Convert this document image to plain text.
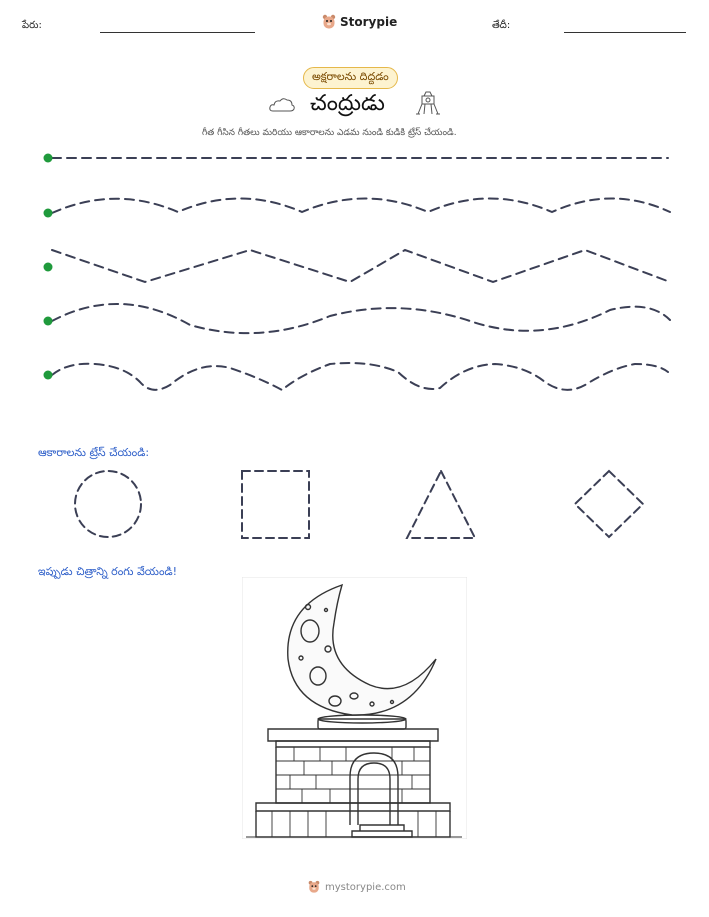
పేరు:	Storypie	తేదీ:
అక్షరాలను దిద్దడం
చంద్రుడు
గీత గీసిన గీతలు మరియు ఆకారాలను ఎడమ నుండి కుడికి ట్రేస్ చేయండి.
ఆకారాలను ట్రేస్ చేయండి:
ఇప్పుడు చిత్రాన్ని రంగు వేయండి!
mystorypie.com
